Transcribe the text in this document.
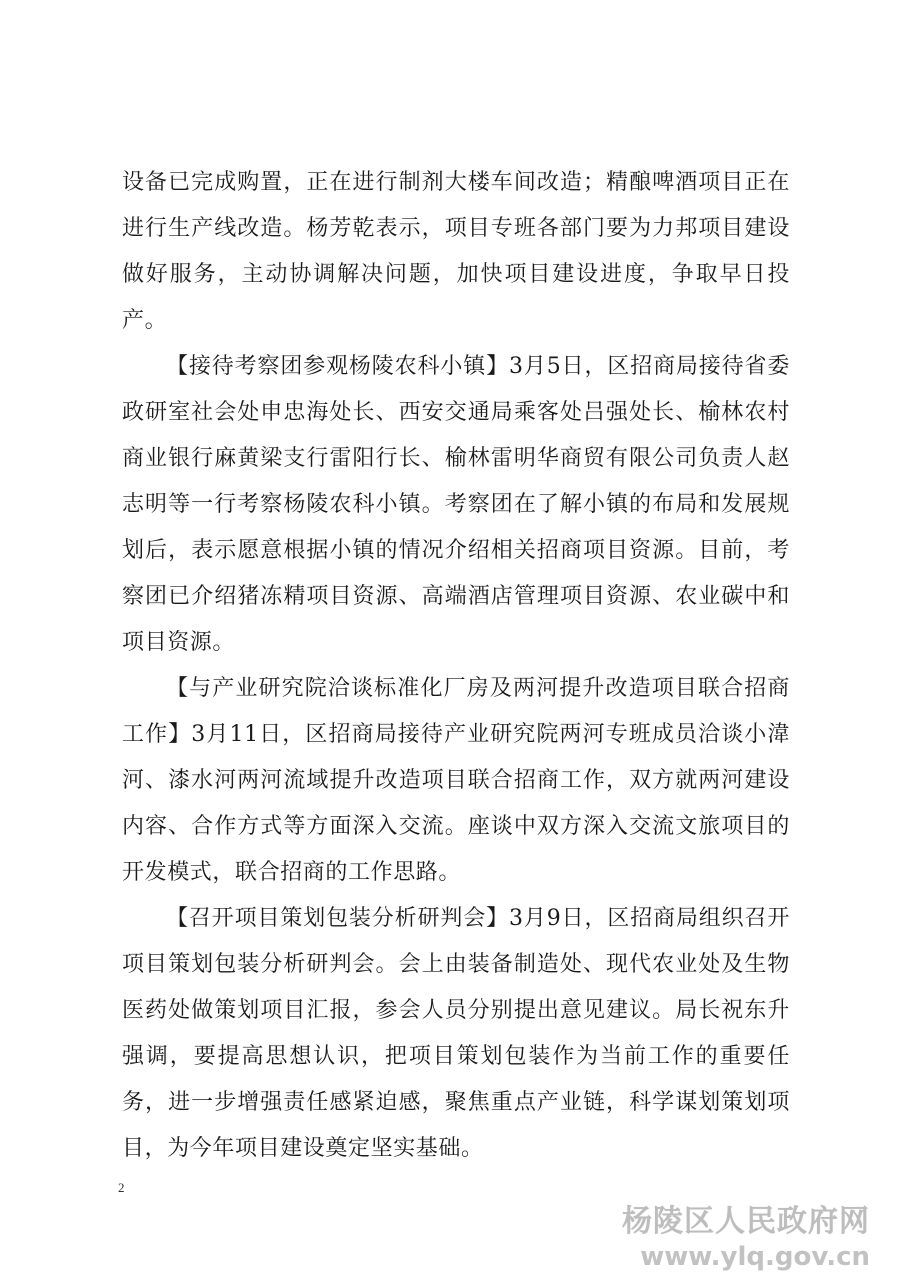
设备已完成购置，正在进行制剂大楼车间改造；精酿啤酒项目正在进行生产线改造。杨芳乾表示，项目专班各部门要为力邦项目建设做好服务，主动协调解决问题，加快项目建设进度，争取早日投产。

【接待考察团参观杨陵农科小镇】3月5日，区招商局接待省委政研室社会处申忠海处长、西安交通局乘客处吕强处长、榆林农村商业银行麻黄梁支行雷阳行长、榆林雷明华商贸有限公司负责人赵志明等一行考察杨陵农科小镇。考察团在了解小镇的布局和发展规划后，表示愿意根据小镇的情况介绍相关招商项目资源。目前，考察团已介绍猪冻精项目资源、高端酒店管理项目资源、农业碳中和项目资源。

【与产业研究院洽谈标准化厂房及两河提升改造项目联合招商工作】3月11日，区招商局接待产业研究院两河专班成员洽谈小湋河、漆水河两河流域提升改造项目联合招商工作，双方就两河建设内容、合作方式等方面深入交流。座谈中双方深入交流文旅项目的开发模式，联合招商的工作思路。

【召开项目策划包装分析研判会】3月9日，区招商局组织召开项目策划包装分析研判会。会上由装备制造处、现代农业处及生物医药处做策划项目汇报，参会人员分别提出意见建议。局长祝东升强调，要提高思想认识，把项目策划包装作为当前工作的重要任务，进一步增强责任感紧迫感，聚焦重点产业链，科学谋划策划项目，为今年项目建设奠定坚实基础。

2
杨陵区人民政府网
www.ylq.gov.cn
